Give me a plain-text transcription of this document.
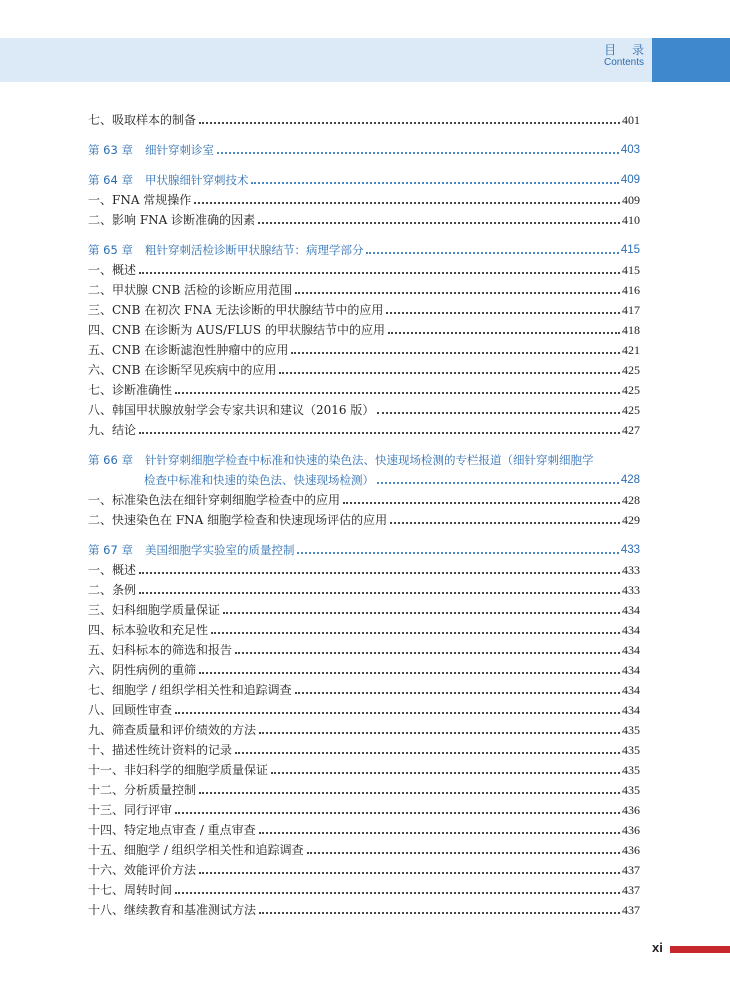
目 录
Contents
七、吸取样本的制备	401
第 63 章 细针穿刺诊室	403
第 64 章 甲状腺细针穿刺技术	409
一、FNA 常规操作	409
二、影响 FNA 诊断准确的因素	410
第 65 章 粗针穿刺活检诊断甲状腺结节：病理学部分	415
一、概述	415
二、甲状腺 CNB 活检的诊断应用范围	416
三、CNB 在初次 FNA 无法诊断的甲状腺结节中的应用	417
四、CNB 在诊断为 AUS/FLUS 的甲状腺结节中的应用	418
五、CNB 在诊断滤泡性肿瘤中的应用	421
六、CNB 在诊断罕见疾病中的应用	425
七、诊断准确性	425
八、韩国甲状腺放射学会专家共识和建议（2016 版）	425
九、结论	427
第 66 章 针针穿刺细胞学检查中标准和快速的染色法、快速现场检测的专栏报道（细针穿刺细胞学
检查中标准和快速的染色法、快速现场检测）	428
一、标准染色法在细针穿刺细胞学检查中的应用	428
二、快速染色在 FNA 细胞学检查和快速现场评估的应用	429
第 67 章 美国细胞学实验室的质量控制	433
一、概述	433
二、条例	433
三、妇科细胞学质量保证	434
四、标本验收和充足性	434
五、妇科标本的筛选和报告	434
六、阴性病例的重筛	434
七、细胞学 / 组织学相关性和追踪调查	434
八、回顾性审查	434
九、筛查质量和评价绩效的方法	435
十、描述性统计资料的记录	435
十一、非妇科学的细胞学质量保证	435
十二、分析质量控制	435
十三、同行评审	436
十四、特定地点审查 / 重点审查	436
十五、细胞学 / 组织学相关性和追踪调查	436
十六、效能评价方法	437
十七、周转时间	437
十八、继续教育和基准测试方法	437
xi
